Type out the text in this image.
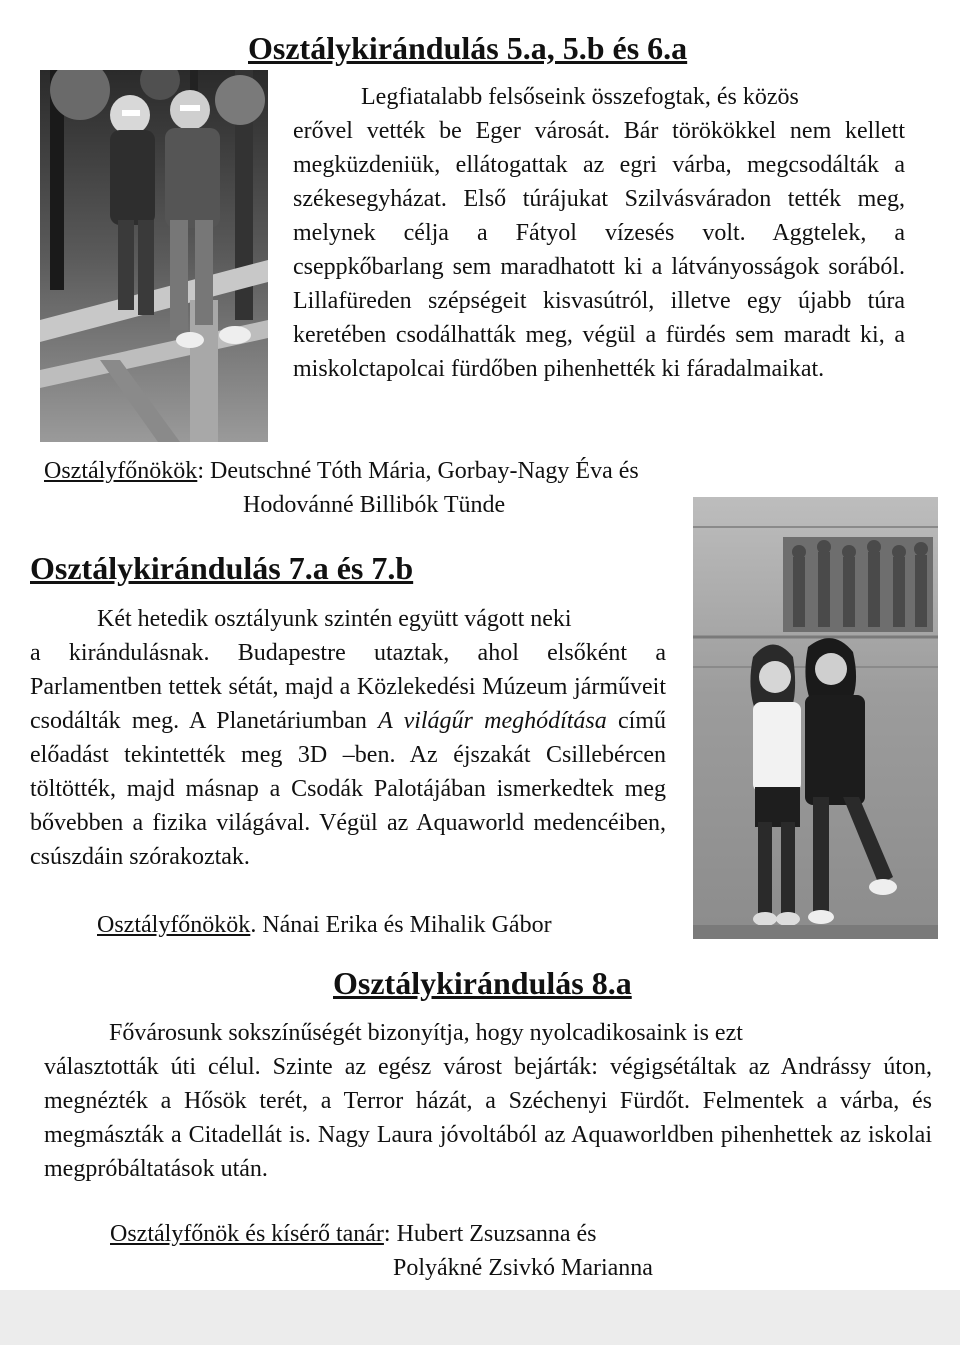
Osztálykirándulás 5.a, 5.b és 6.a

Legfiatalabb felsőseink összefogtak, és közös

erővel vették be Eger városát. Bár törökökkel nem kellett megküzdeniük, ellátogattak az egri várba, megcsodálták a székesegyházat. Első túrájukat Szilvásváradon tették meg, melynek célja a Fátyol vízesés volt. Aggtelek, a cseppkőbarlang sem maradhatott ki a látványosságok sorából. Lillafüreden szépségeit kisvasútról, illetve egy újabb túra keretében csodálhatták meg, végül a fürdés sem maradt ki, a miskolctapolcai fürdőben pihenhették ki fáradalmaikat.

Osztályfőnökök: Deutschné Tóth Mária, Gorbay-Nagy Éva és
Hodovánné Billibók Tünde
Osztálykirándulás 7.a és 7.b

Két hetedik osztályunk szintén együtt vágott neki

a kirándulásnak. Budapestre utaztak, ahol elsőként a Parlamentben tettek sétát, majd a Közlekedési Múzeum járműveit csodálták meg. A Planetáriumban A világűr meghódítása című előadást tekintették meg 3D –ben. Az éjszakát Csillebércen töltötték, majd másnap a Csodák Palotájában ismerkedtek meg bővebben a fizika világával. Végül az Aquaworld medencéiben, csúszdáin szórakoztak.

Osztályfőnökök. Nánai Erika és Mihalik Gábor
Osztálykirándulás 8.a

Fővárosunk sokszínűségét bizonyítja, hogy nyolcadikosaink is ezt

választották úti célul. Szinte az egész várost bejárták: végigsétáltak az Andrássy úton, megnézték a Hősök terét, a Terror házát, a Széchenyi Fürdőt. Felmentek a várba, és megmászták a Citadellát is. Nagy Laura jóvoltából az Aquaworldben pihenhettek az iskolai megpróbáltatások után.

Osztályfőnök és kísérő tanár: Hubert Zsuzsanna és
Polyákné Zsivkó Marianna
